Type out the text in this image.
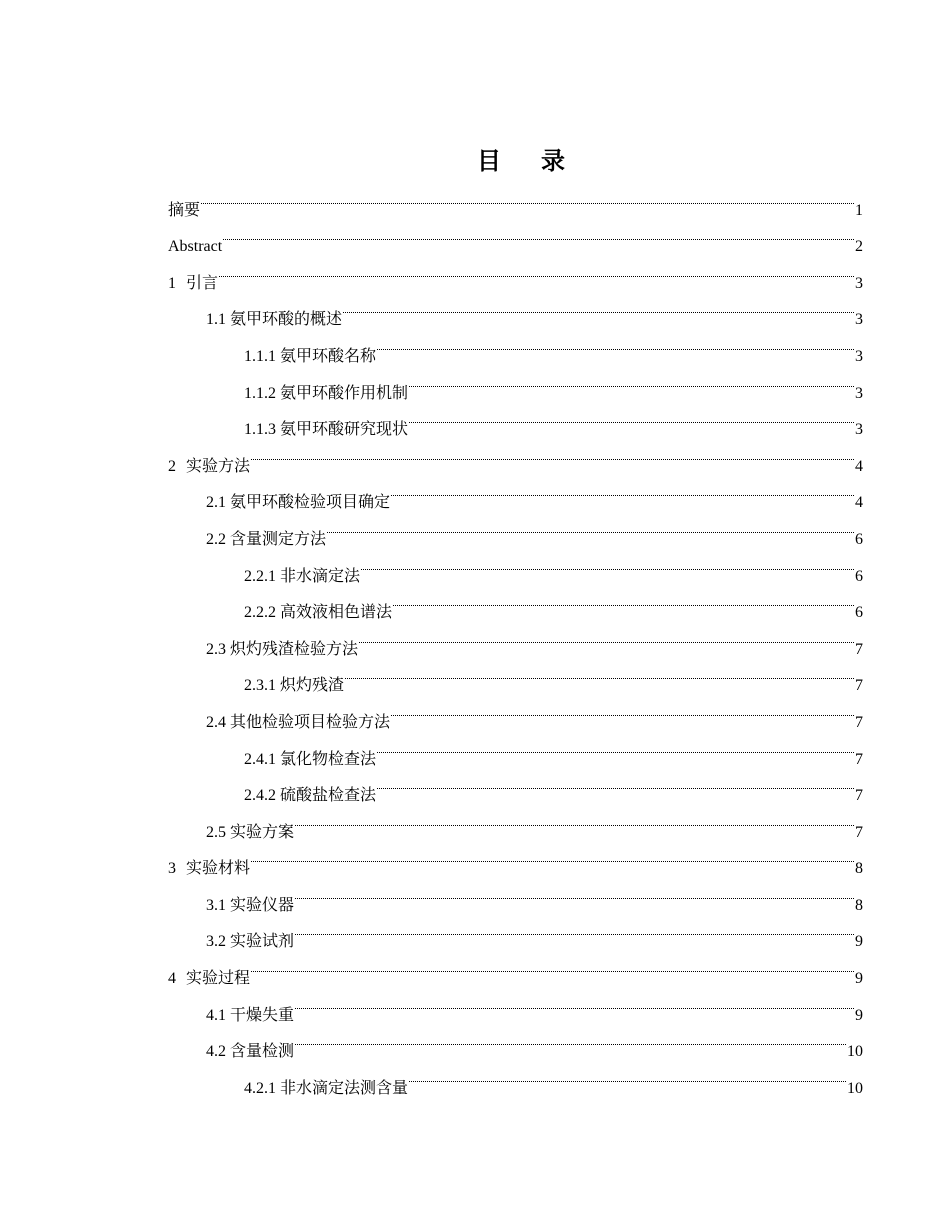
目 录
摘要	1
Abstract	2
1 引言	3
1.1 氨甲环酸的概述	3
1.1.1 氨甲环酸名称	3
1.1.2 氨甲环酸作用机制	3
1.1.3 氨甲环酸研究现状	3
2 实验方法	4
2.1 氨甲环酸检验项目确定	4
2.2 含量测定方法	6
2.2.1 非水滴定法	6
2.2.2 高效液相色谱法	6
2.3 炽灼残渣检验方法	7
2.3.1 炽灼残渣	7
2.4 其他检验项目检验方法	7
2.4.1 氯化物检查法	7
2.4.2 硫酸盐检查法	7
2.5 实验方案	7
3 实验材料	8
3.1 实验仪器	8
3.2 实验试剂	9
4 实验过程	9
4.1 干燥失重	9
4.2 含量检测	10
4.2.1 非水滴定法测含量	10
